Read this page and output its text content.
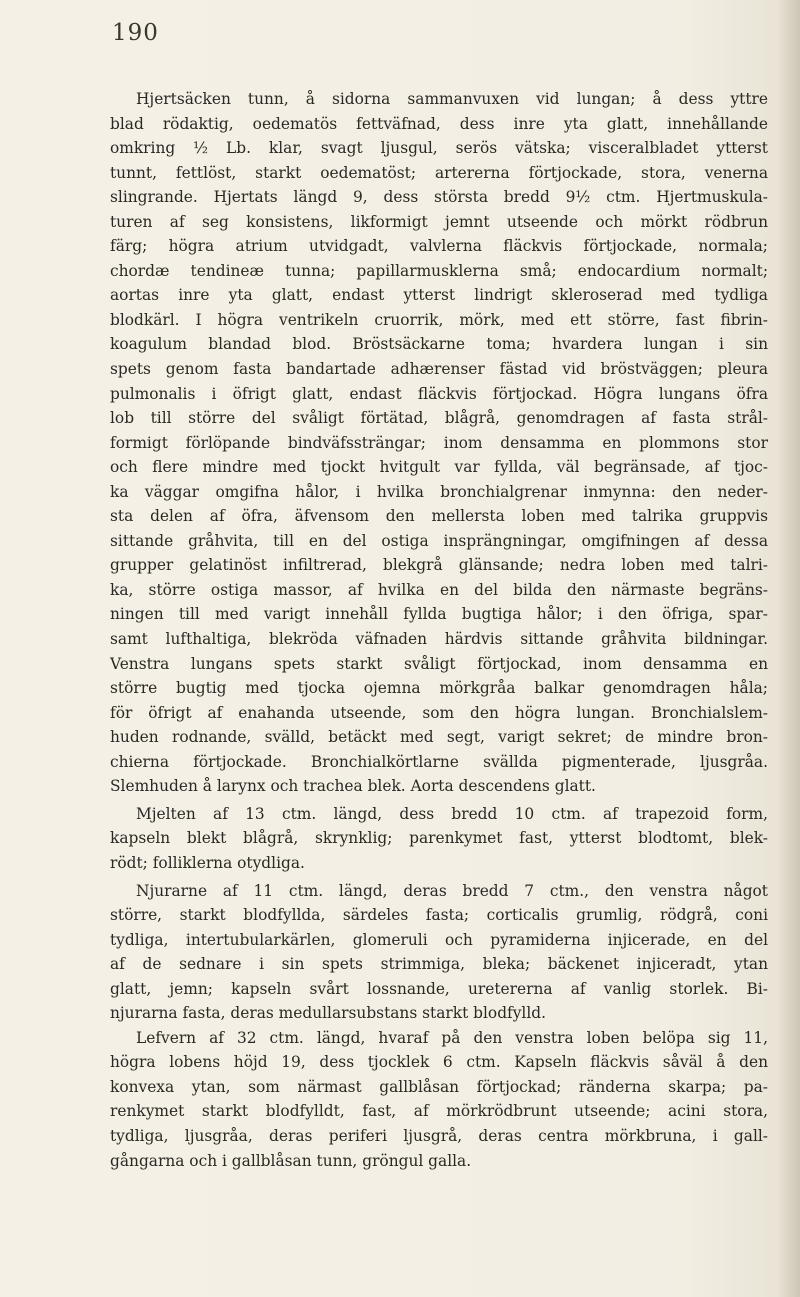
190
Hjertsäcken tunn, å sidorna sammanvuxen vid lungan; å dess yttre
blad rödaktig, oedematös fettväfnad, dess inre yta glatt, innehållande
omkring ½ Lb. klar, svagt ljusgul, serös vätska; visceralbladet ytterst
tunnt, fettlöst, starkt oedematöst; artererna förtjockade, stora, venerna
slingrande. Hjertats längd 9, dess största bredd 9½ ctm. Hjertmuskula-
turen af seg konsistens, likformigt jemnt utseende och mörkt rödbrun
färg; högra atrium utvidgadt, valvlerna fläckvis förtjockade, normala;
chordæ tendineæ tunna; papillarmusklerna små; endocardium normalt;
aortas inre yta glatt, endast ytterst lindrigt skleroserad med tydliga
blodkärl. I högra ventrikeln cruorrik, mörk, med ett större, fast fibrin-
koagulum blandad blod. Bröstsäckarne toma; hvardera lungan i sin
spets genom fasta bandartade adhærenser fästad vid bröstväggen; pleura
pulmonalis i öfrigt glatt, endast fläckvis förtjockad. Högra lungans öfra
lob till större del svåligt förtätad, blågrå, genomdragen af fasta strål-
formigt förlöpande bindväfssträngar; inom densamma en plommons stor
och flere mindre med tjockt hvitgult var fyllda, väl begränsade, af tjoc-
ka väggar omgifna hålor, i hvilka bronchialgrenar inmynna: den neder-
sta delen af öfra, äfvensom den mellersta loben med talrika gruppvis
sittande gråhvita, till en del ostiga insprängningar, omgifningen af dessa
grupper gelatinöst infiltrerad, blekgrå glänsande; nedra loben med talri-
ka, större ostiga massor, af hvilka en del bilda den närmaste begräns-
ningen till med varigt innehåll fyllda bugtiga hålor; i den öfriga, spar-
samt lufthaltiga, blekröda väfnaden härdvis sittande gråhvita bildningar.
Venstra lungans spets starkt svåligt förtjockad, inom densamma en
större bugtig med tjocka ojemna mörkgråa balkar genomdragen håla;
för öfrigt af enahanda utseende, som den högra lungan. Bronchialslem-
huden rodnande, svälld, betäckt med segt, varigt sekret; de mindre bron-
chierna förtjockade. Bronchialkörtlarne svällda pigmenterade, ljusgråa.
Slemhuden å larynx och trachea blek. Aorta descendens glatt.
Mjelten af 13 ctm. längd, dess bredd 10 ctm. af trapezoid form,
kapseln blekt blågrå, skrynklig; parenkymet fast, ytterst blodtomt, blek-
rödt; folliklerna otydliga.
Njurarne af 11 ctm. längd, deras bredd 7 ctm., den venstra något
större, starkt blodfyllda, särdeles fasta; corticalis grumlig, rödgrå, coni
tydliga, intertubularkärlen, glomeruli och pyramiderna injicerade, en del
af de sednare i sin spets strimmiga, bleka; bäckenet injiceradt, ytan
glatt, jemn; kapseln svårt lossnande, uretererna af vanlig storlek. Bi-
njurarna fasta, deras medullarsubstans starkt blodfylld.
Lefvern af 32 ctm. längd, hvaraf på den venstra loben belöpa sig 11,
högra lobens höjd 19, dess tjocklek 6 ctm. Kapseln fläckvis såväl å den
konvexa ytan, som närmast gallblåsan förtjockad; ränderna skarpa; pa-
renkymet starkt blodfylldt, fast, af mörkrödbrunt utseende; acini stora,
tydliga, ljusgråa, deras periferi ljusgrå, deras centra mörkbruna, i gall-
gångarna och i gallblåsan tunn, gröngul galla.
